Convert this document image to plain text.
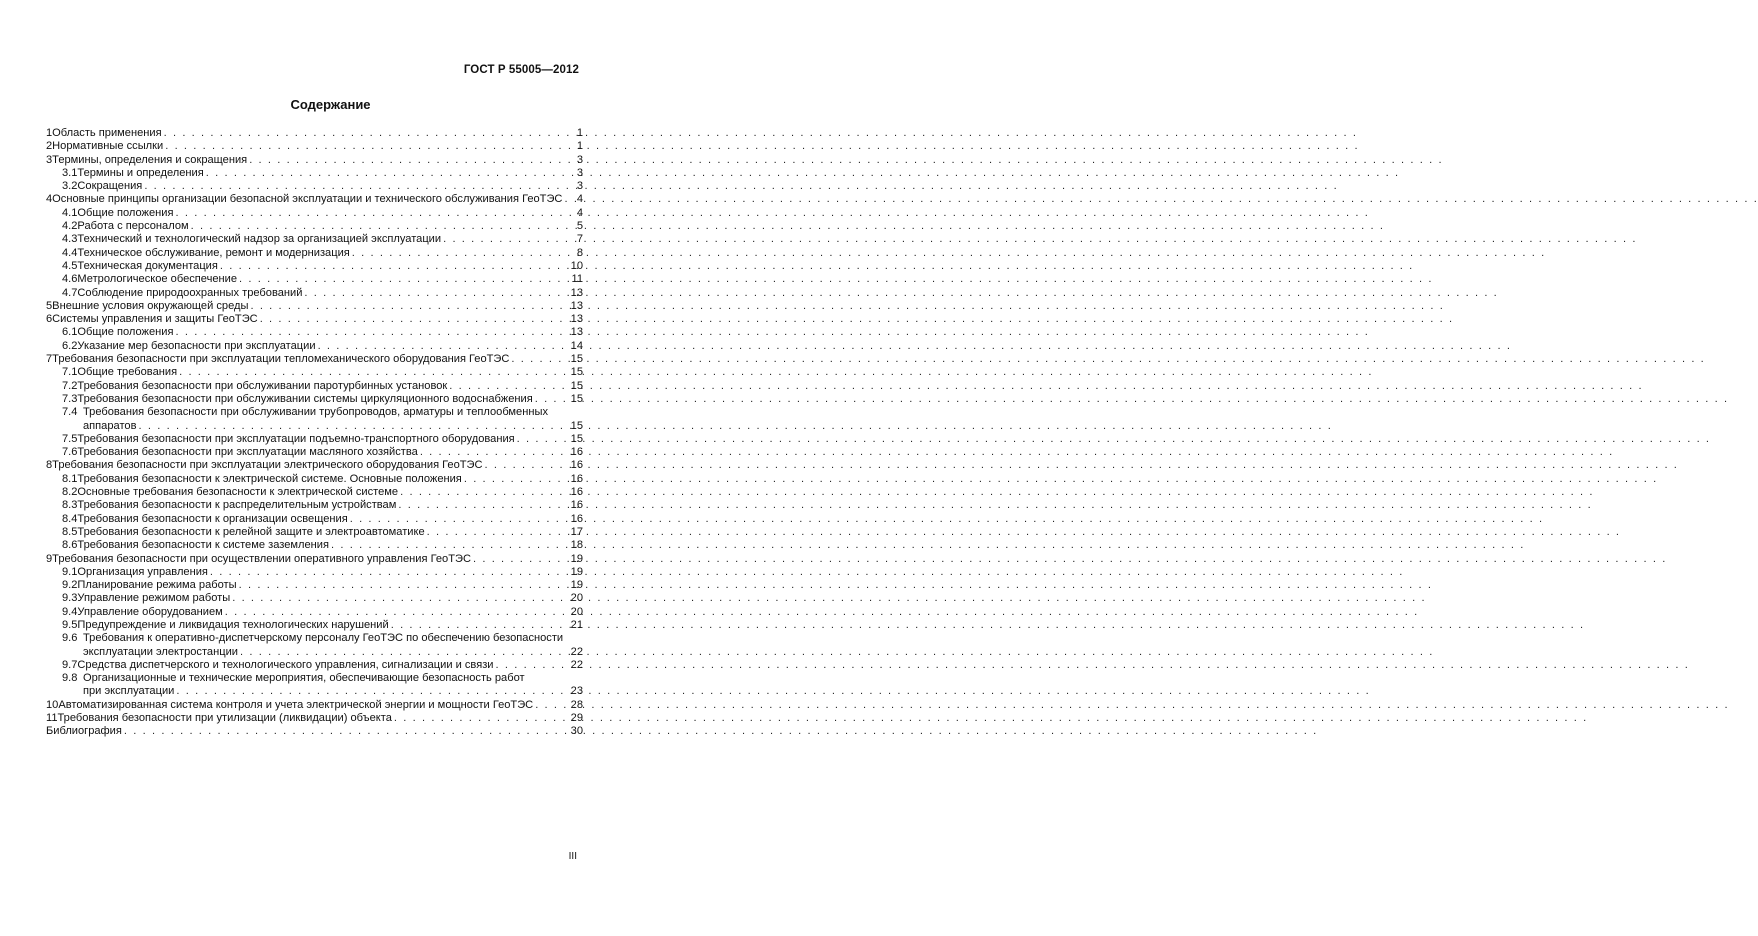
ГОСТ Р 55005—2012
Содержание
1 Область применения . . .	1
2 Нормативные ссылки . . .	1
3 Термины, определения и сокращения . . .	3
3.1 Термины и определения . . .	3
3.2 Сокращения . . .	3
4 Основные принципы организации безопасной эксплуатации и технического обслуживания ГеоТЭС . . . 4
4.1 Общие положения . . .	4
4.2 Работа с персоналом . . .	5
4.3 Технический и технологический надзор за организацией эксплуатации . . .	7
4.4 Техническое обслуживание, ремонт и модернизация . . .	8
4.5 Техническая документация . . .	10
4.6 Метрологическое обеспечение . . .	11
4.7 Соблюдение природоохранных требований . . .	13
5 Внешние условия окружающей среды . . .	13
6 Системы управления и защиты ГеоТЭС . . .	13
6.1 Общие положения . . .	13
6.2 Указание мер безопасности при эксплуатации . . .	14
7 Требования безопасности при эксплуатации тепломеханического оборудования ГеоТЭС . . .	15
7.1 Общие требования . . .	15
7.2 Требования безопасности при обслуживании паротурбинных установок . . .	15
7.3 Требования безопасности при обслуживании системы циркуляционного водоснабжения . . .	15
7.4 Требования безопасности при обслуживании трубопроводов, арматуры и теплообменных
аппаратов . . .	15
7.5 Требования безопасности при эксплуатации подъемно-транспортного оборудования . . .	15
7.6 Требования безопасности при эксплуатации масляного хозяйства . . .	16
8 Требования безопасности при эксплуатации электрического оборудования ГеоТЭС . . .	16
8.1 Требования безопасности к электрической системе. Основные положения . . .	16
8.2 Основные требования безопасности к электрической системе . . .	16
8.3 Требования безопасности к распределительным устройствам . . .	16
8.4 Требования безопасности к организации освещения . . .	16
8.5 Требования безопасности к релейной защите и электроавтоматике . . .	17
8.6 Требования безопасности к системе заземления . . .	18
9 Требования безопасности при осуществлении оперативного управления ГеоТЭС . . .	19
9.1 Организация управления . . .	19
9.2 Планирование режима работы . . .	19
9.3 Управление режимом работы . . .	20
9.4 Управление оборудованием . . .	20
9.5 Предупреждение и ликвидация технологических нарушений . . .	21
9.6 Требования к оперативно-диспетчерскому персоналу ГеоТЭС по обеспечению безопасности
эксплуатации электростанции . . .	22
9.7 Средства диспетчерского и технологического управления, сигнализации и связи . . .	22
9.8 Организационные и технические мероприятия, обеспечивающие безопасность работ
при эксплуатации . . .	23
10 Автоматизированная система контроля и учета электрической энергии и мощности ГеоТЭС . . .	28
11 Требования безопасности при утилизации (ликвидации) объекта . . .	29
Библиография . . .	30
III
